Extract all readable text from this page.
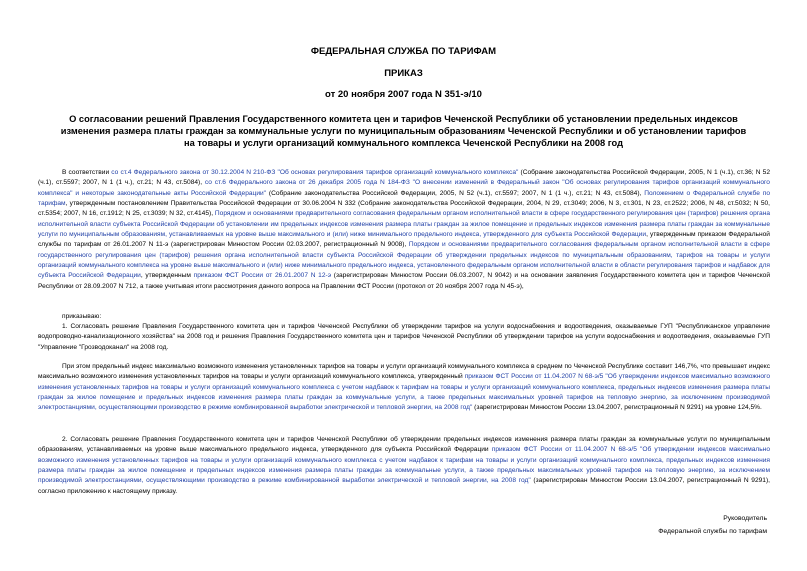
ФЕДЕРАЛЬНАЯ СЛУЖБА ПО ТАРИФАМ
ПРИКАЗ
от 20 ноября 2007 года N 351-э/10
О согласовании решений Правления Государственного комитета цен и тарифов Чеченской Республики об установлении предельных индексов изменения размера платы граждан за коммунальные услуги по муниципальным образованиям Чеченской Республики и об установлении тарифов на товары и услуги организаций коммунального комплекса Чеченской Республики на 2008 год
В соответствии со ст.4 Федерального закона от 30.12.2004 N 210-ФЗ "Об основах регулирования тарифов организаций коммунального комплекса" (Собрание законодательства Российской Федерации, 2005, N 1 (ч.1), ст.36; N 52 (ч.1), ст.5597; 2007, N 1 (1 ч.), ст.21; N 43, ст.5084), со ст.6 Федерального закона от 26 декабря 2005 года N 184-ФЗ "О внесении изменений в Федеральный закон "Об основах регулирования тарифов организаций коммунального комплекса" и некоторые законодательные акты Российской Федерации" (Собрание законодательства Российской Федерации, 2005, N 52 (ч.1), ст.5597; 2007, N 1 (1 ч.), ст.21; N 43, ст.5084), Положением о Федеральной службе по тарифам, утвержденным постановлением Правительства Российской Федерации от 30.06.2004 N 332 (Собрание законодательства Российской Федерации, 2004, N 29, ст.3049; 2006, N 3, ст.301, N 23, ст.2522; 2006, N 48, ст.5032; N 50, ст.5354; 2007, N 16, ст.1912; N 25, ст.3039; N 32, ст.4145), Порядком и основаниями предварительного согласования федеральным органом исполнительной власти в сфере государственного регулирования цен (тарифов) решения органа исполнительной власти субъекта Российской Федерации об установлении им предельных индексов изменения размера платы граждан за жилое помещение и предельных индексов изменения размера платы граждан за коммунальные услуги по муниципальным образованиям, устанавливаемых на уровне выше максимального и (или) ниже минимального предельного индекса, утвержденного для субъекта Российской Федерации, утвержденным приказом Федеральной службы по тарифам от 26.01.2007 N 11-э (зарегистрирован Минюстом России 02.03.2007, регистрационный N 9008), Порядком и основаниями предварительного согласования федеральным органом исполнительной власти в сфере государственного регулирования цен (тарифов) решения органа исполнительной власти субъекта Российской Федерации об утверждении предельных индексов по муниципальным образованиям, тарифов на товары и услуги организаций коммунального комплекса на уровне выше максимального и (или) ниже минимального предельного индекса, установленного федеральным органом исполнительной власти в области регулирования тарифов и надбавок для субъекта Российской Федерации, утвержденным приказом ФСТ России от 26.01.2007 N 12-э (зарегистрирован Минюстом России 06.03.2007, N 9042) и на основании заявления Государственного комитета цен и тарифов Чеченской Республики от 28.09.2007 N 712, а также учитывая итоги рассмотрения данного вопроса на Правлении ФСТ России (протокол от 20 ноября 2007 года N 45-э),
приказываю:
1. Согласовать решение Правления Государственного комитета цен и тарифов Чеченской Республики об утверждении тарифов на услуги водоснабжения и водоотведения, оказываемые ГУП "Республиканское управление водопроводно-канализационного хозяйства" на 2008 год и решения Правления Государственного комитета цен и тарифов Чеченской Республики об утверждении тарифов на услуги водоснабжения и водоотведения, оказываемые ГУП "Управление "Грозводоканал" на 2008 год.
При этом предельный индекс максимально возможного изменения установленных тарифов на товары и услуги организаций коммунального комплекса в среднем по Чеченской Республике составит 146,7%, что превышает индекс максимально возможного изменения установленных тарифов на товары и услуги организаций коммунального комплекса, утвержденный приказом ФСТ России от 11.04.2007 N 68-э/5 "Об утверждении индексов максимально возможного изменения установленных тарифов на товары и услуги организаций коммунального комплекса с учетом надбавок к тарифам на товары и услуги организаций коммунального комплекса, предельных индексов изменения размера платы граждан за жилое помещение и предельных индексов изменения размера платы граждан за коммунальные услуги, а также предельных максимальных уровней тарифов на тепловую энергию, за исключением производимой электростанциями, осуществляющими производство в режиме комбинированной выработки электрической и тепловой энергии, на 2008 год" (зарегистрирован Минюстом России 13.04.2007, регистрационный N 9291) на уровне 124,5%.
2. Согласовать решение Правления Государственного комитета цен и тарифов Чеченской Республики об утверждении предельных индексов изменения размера платы граждан за коммунальные услуги по муниципальным образованиям, устанавливаемых на уровне выше максимального предельного индекса, утвержденного для субъекта Российской Федерации приказом ФСТ России от 11.04.2007 N 68-э/5 "Об утверждении индексов максимально возможного изменения установленных тарифов на товары и услуги организаций коммунального комплекса с учетом надбавок к тарифам на товары и услуги организаций коммунального комплекса, предельных индексов изменения размера платы граждан за жилое помещение и предельных индексов изменения размера платы граждан за коммунальные услуги, а также предельных максимальных уровней тарифов на тепловую энергию, за исключением производимой электростанциями, осуществляющими производство в режиме комбинированной выработки электрической и тепловой энергии, на 2008 год" (зарегистрирован Минюстом России 13.04.2007, регистрационный N 9291), согласно приложению к настоящему приказу.
Руководитель
Федеральной службы по тарифам
